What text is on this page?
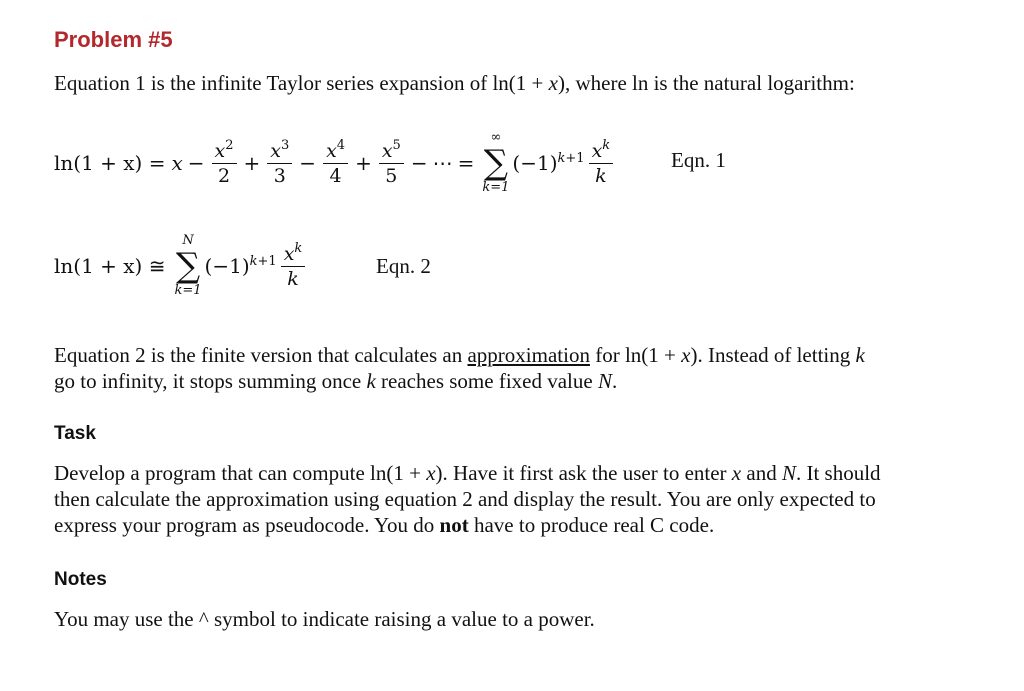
Problem #5
Equation 1 is the infinite Taylor series expansion of ln(1 + x), where ln is the natural logarithm:
$\ln(1 + x) = x - \frac{x^2}{2} + \frac{x^3}{3} - \frac{x^4}{4} + \frac{x^5}{5}$ − ⋯ =
∞
∑
k=1
$(-1)^{k+1} \frac{x^k}{k}$	Eqn. 1
ln(1 + x) ≅
N
∑
k=1
$(-1)^{k+1} \frac{x^k}{k}$	Eqn. 2
Equation 2 is the finite version that calculates an approximation for ln(1 + x). Instead of letting k
go to infinity, it stops summing once k reaches some fixed value N.
Task
Develop a program that can compute ln(1 + x). Have it first ask the user to enter x and N. It should
then calculate the approximation using equation 2 and display the result. You are only expected to
express your program as pseudocode. You do not have to produce real C code.
Notes
You may use the ^ symbol to indicate raising a value to a power.
